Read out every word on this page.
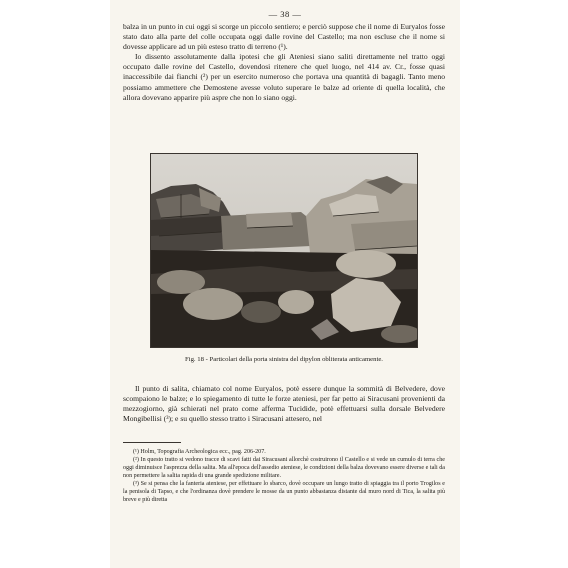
— 38 —

balza in un punto in cui oggi si scorge un piccolo sentiero; e perciò suppose che il nome di Euryalos fosse stato dato alla parte del colle occupata oggi dalle rovine del Castello; ma non escluse che il nome si dovesse applicare ad un più esteso tratto di terreno (¹).

Io dissento assolutamente dalla ipotesi che gli Ateniesi siano saliti direttamente nel tratto oggi occupato dalle rovine del Castello, dovendosi ritenere che quel luogo, nel 414 av. Cr., fosse quasi inaccessibile dai fianchi (²) per un esercito numeroso che portava una quantità di bagagli. Tanto meno possiamo ammettere che Demostene avesse voluto superare le balze ad oriente di quella località, che allora dovevano apparire più aspre che non lo siano oggi.

Fig. 18 - Particolari della porta sinistra del dipylon obliterata anticamente.

Il punto di salita, chiamato col nome Euryalos, potè essere dunque la sommità di Belvedere, dove scompaiono le balze; e lo spiegamento di tutte le forze ateniesi, per far petto ai Siracusani provenienti da mezzogiorno, già schierati nel prato come afferma Tucidide, potè effettuarsi sulla dorsale Belvedere Mongibellisi (³); e su quello stesso tratto i Siracusani attesero, nel

(¹) Holm, Topografia Archeologica ecc., pag. 206-207.

(²) In questo tratto si vedono tracce di scavi fatti dai Siracusani allorchè costruirono il Castello e si vede un cumulo di terra che oggi diminuisce l'asprezza della salita. Ma all'epoca dell'assedio ateniese, le condizioni della balza dovevano essere diverse e tali da non permettere la salita rapida di una grande spedizione militare.

(³) Se si pensa che la fanteria ateniese, per effettuare lo sbarco, dovè occupare un lungo tratto di spiaggia tra il porto Trogilos e la penisola di Tapso, e che l'ordinanza dovè prendere le mosse da un punto abbastanza distante dal muro nord di Tica, la salita più breve e più diretta
